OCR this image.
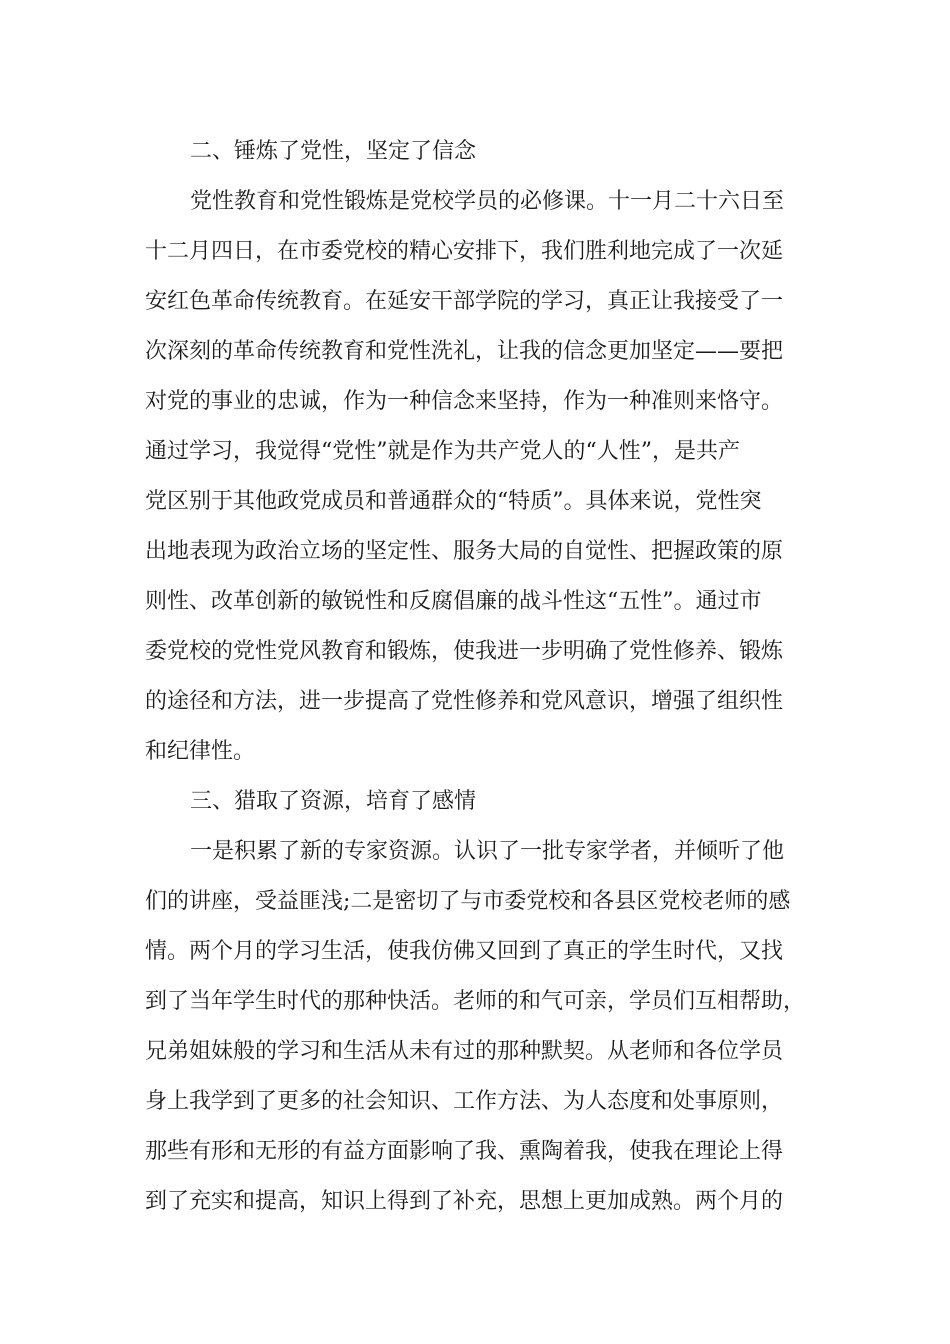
二、锤炼了党性，坚定了信念
党性教育和党性锻炼是党校学员的必修课。十一月二十六日至
十二月四日，在市委党校的精心安排下，我们胜利地完成了一次延
安红色革命传统教育。在延安干部学院的学习，真正让我接受了一
次深刻的革命传统教育和党性洗礼，让我的信念更加坚定——要把
对党的事业的忠诚，作为一种信念来坚持，作为一种准则来恪守。
通过学习，我觉得“党性”就是作为共产党人的“人性”，是共产
党区别于其他政党成员和普通群众的“特质”。具体来说，党性突
出地表现为政治立场的坚定性、服务大局的自觉性、把握政策的原
则性、改革创新的敏锐性和反腐倡廉的战斗性这“五性”。通过市
委党校的党性党风教育和锻炼，使我进一步明确了党性修养、锻炼
的途径和方法，进一步提高了党性修养和党风意识，增强了组织性
和纪律性。
三、猎取了资源，培育了感情
一是积累了新的专家资源。认识了一批专家学者，并倾听了他
们的讲座，受益匪浅;二是密切了与市委党校和各县区党校老师的感
情。两个月的学习生活，使我仿佛又回到了真正的学生时代，又找
到了当年学生时代的那种快活。老师的和气可亲，学员们互相帮助，
兄弟姐妹般的学习和生活从未有过的那种默契。从老师和各位学员
身上我学到了更多的社会知识、工作方法、为人态度和处事原则，
那些有形和无形的有益方面影响了我、熏陶着我，使我在理论上得
到了充实和提高，知识上得到了补充，思想上更加成熟。两个月的
